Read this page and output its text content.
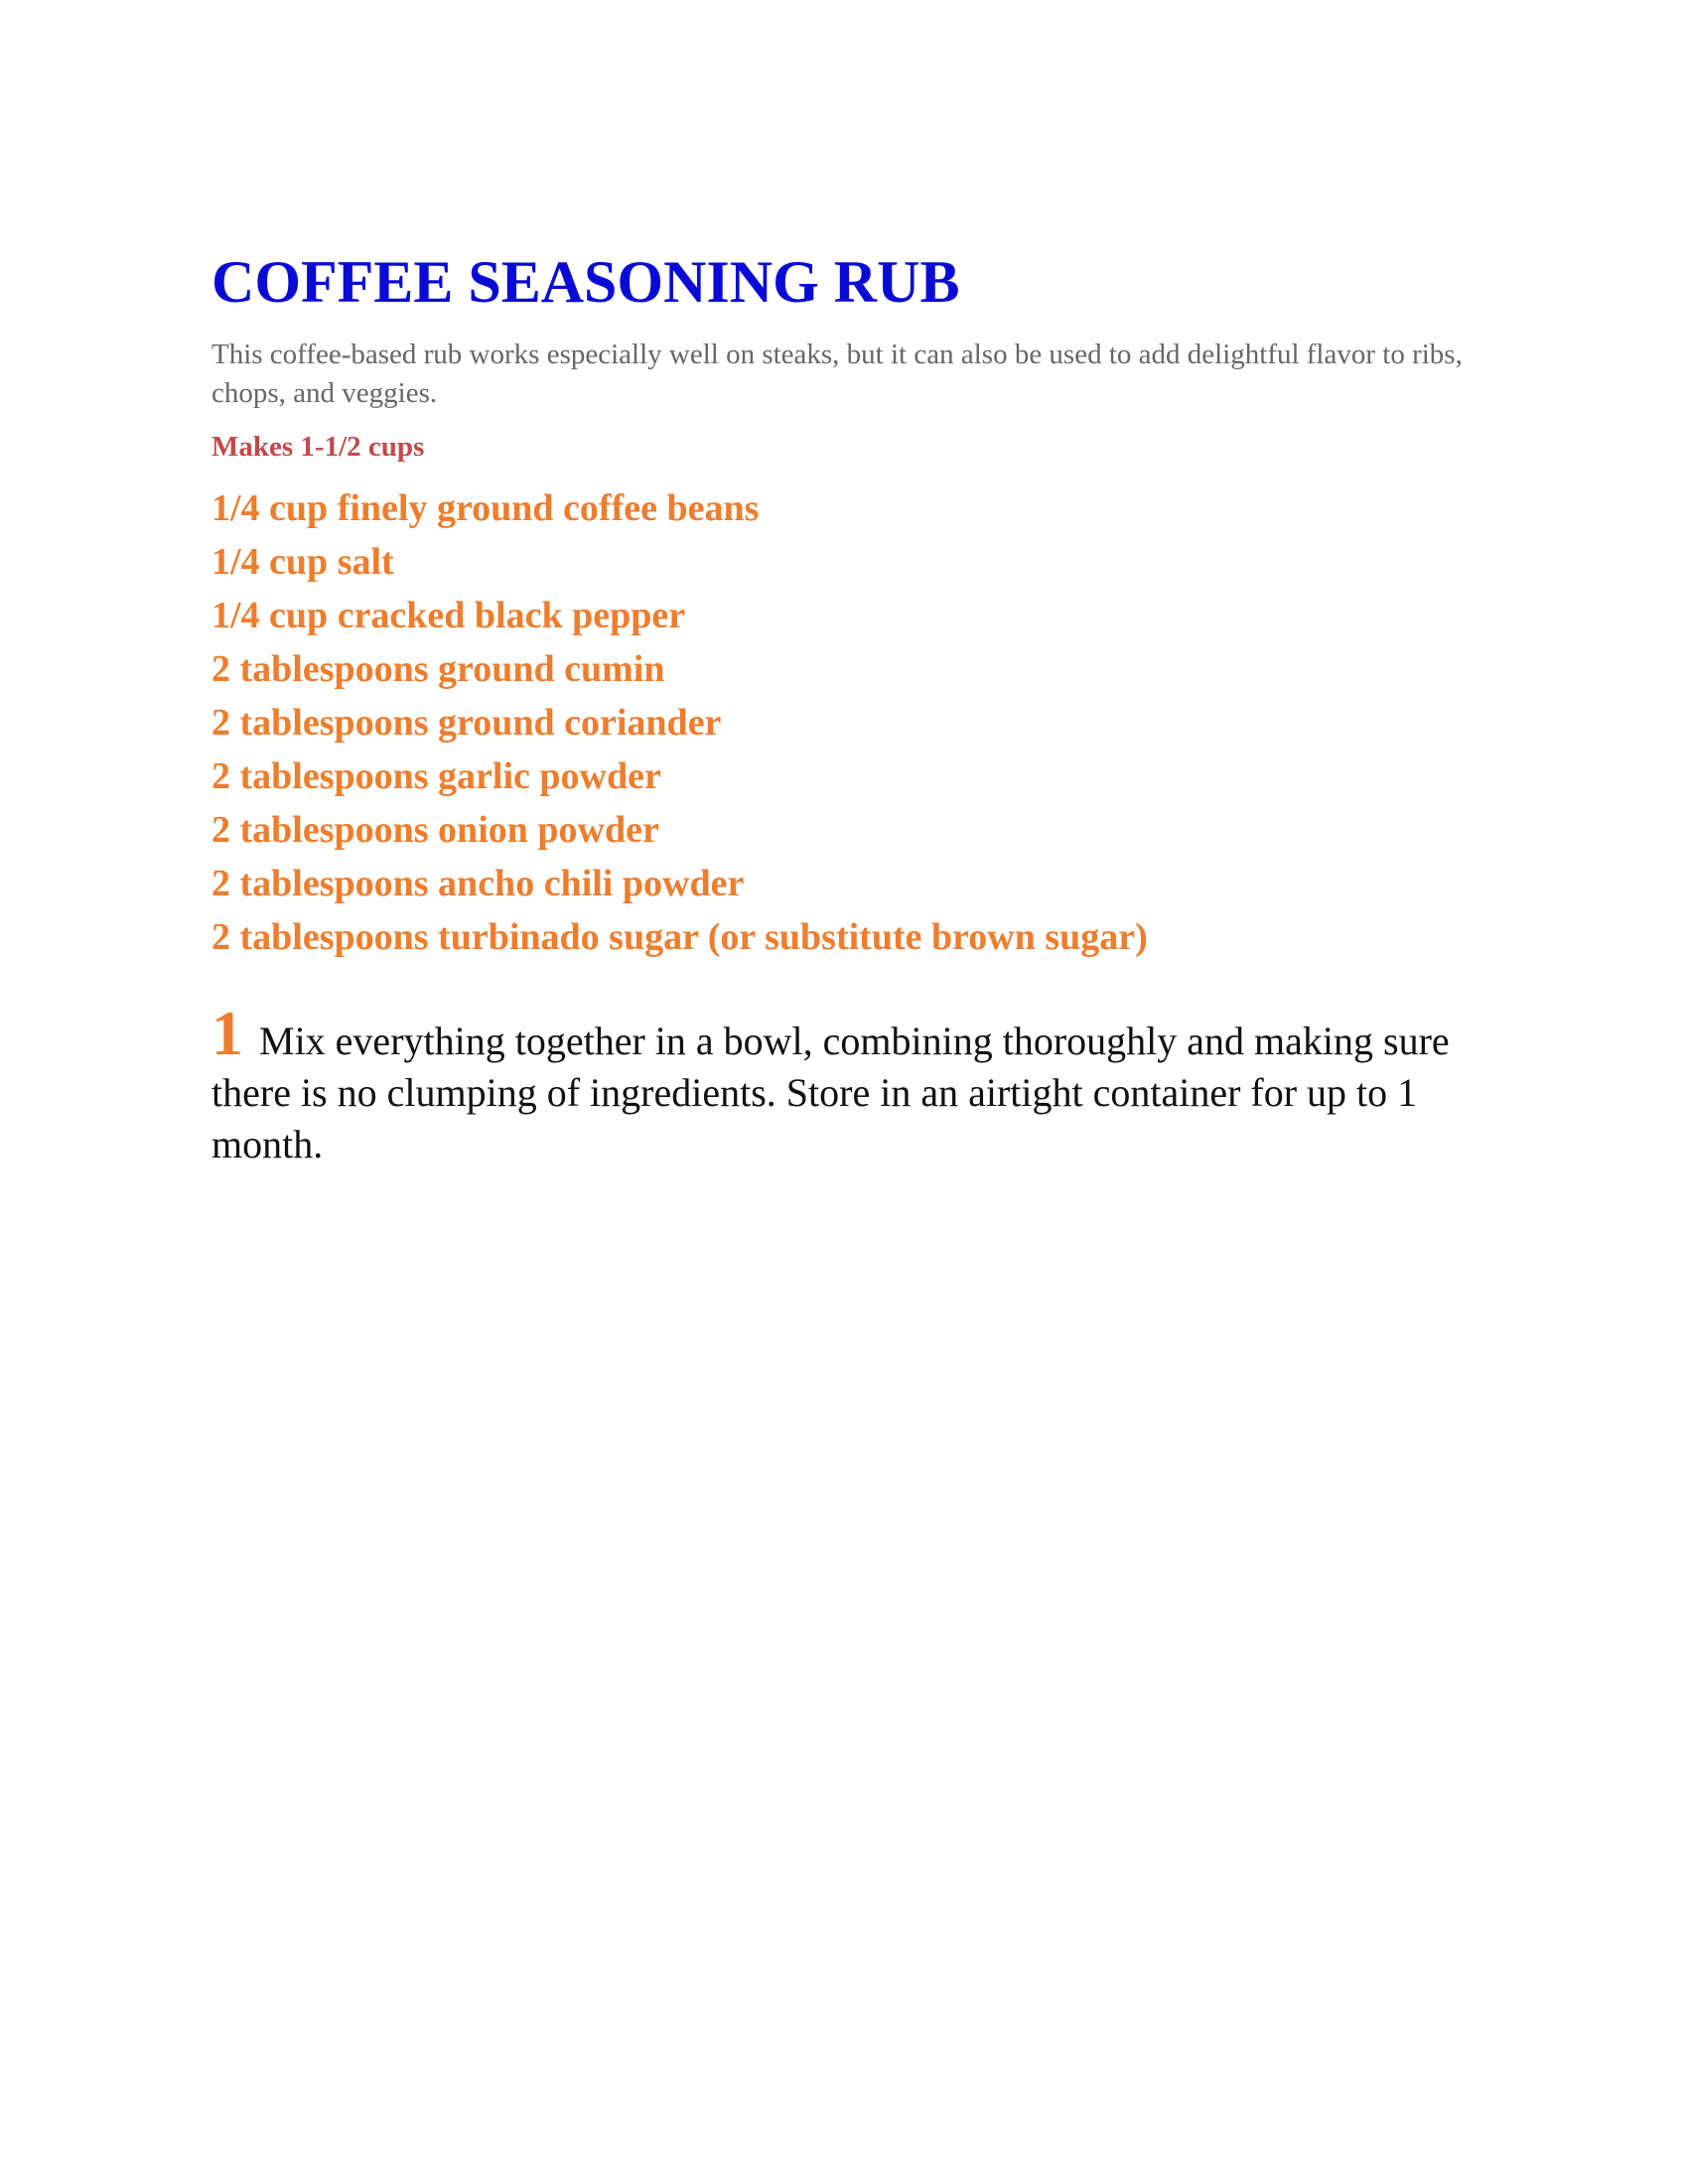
COFFEE SEASONING RUB

This coffee-based rub works especially well on steaks, but it can also be used to add delightful flavor to ribs, chops, and veggies.

Makes 1-1/2 cups

1/4 cup finely ground coffee beans
1/4 cup salt
1/4 cup cracked black pepper
2 tablespoons ground cumin
2 tablespoons ground coriander
2 tablespoons garlic powder
2 tablespoons onion powder
2 tablespoons ancho chili powder
2 tablespoons turbinado sugar (or substitute brown sugar)

1 Mix everything together in a bowl, combining thoroughly and making sure there is no clumping of ingredients. Store in an airtight container for up to 1 month.
